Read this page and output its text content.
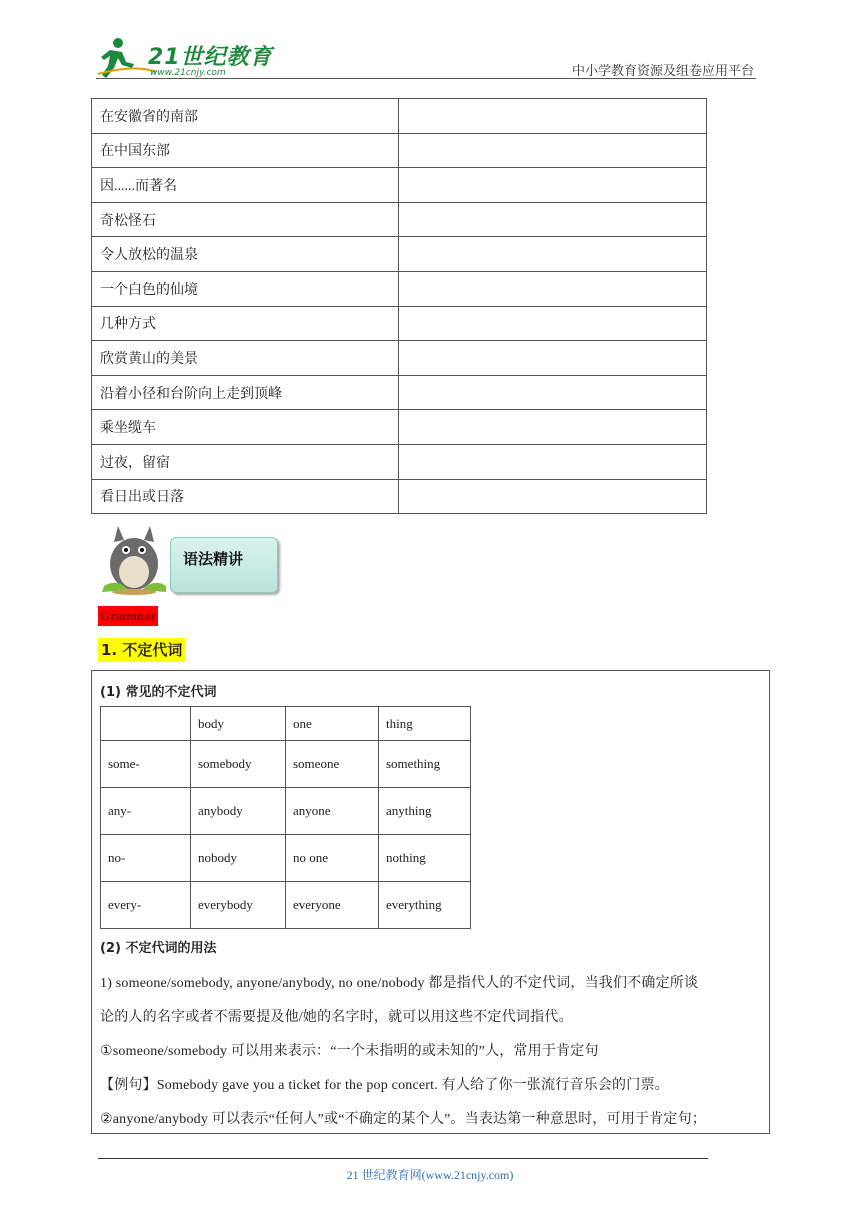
21世纪教育
www.21cnjy.com	中小学教育资源及组卷应用平台
在安徽省的南部	
在中国东部	
因......而著名	
奇松怪石	
令人放松的温泉	
一个白色的仙境	
几种方式	
欣赏黄山的美景	
沿着小径和台阶向上走到顶峰	
乘坐缆车	
过夜，留宿	
看日出或日落	
语法精讲
Grammar
1. 不定代词
(1) 常见的不定代词
	body	one	thing
some-	somebody	someone	something
any-	anybody	anyone	anything
no-	nobody	no one	nothing
every-	everybody	everyone	everything
(2) 不定代词的用法
1) someone/somebody, anyone/anybody, no one/nobody 都是指代人的不定代词，当我们不确定所谈
论的人的名字或者不需要提及他/她的名字时，就可以用这些不定代词指代。
①someone/somebody 可以用来表示：“一个未指明的或未知的”人，常用于肯定句
【例句】Somebody gave you a ticket for the pop concert. 有人给了你一张流行音乐会的门票。
②anyone/anybody 可以表示“任何人”或“不确定的某个人”。当表达第一种意思时，可用于肯定句；
21 世纪教育网(www.21cnjy.com)
